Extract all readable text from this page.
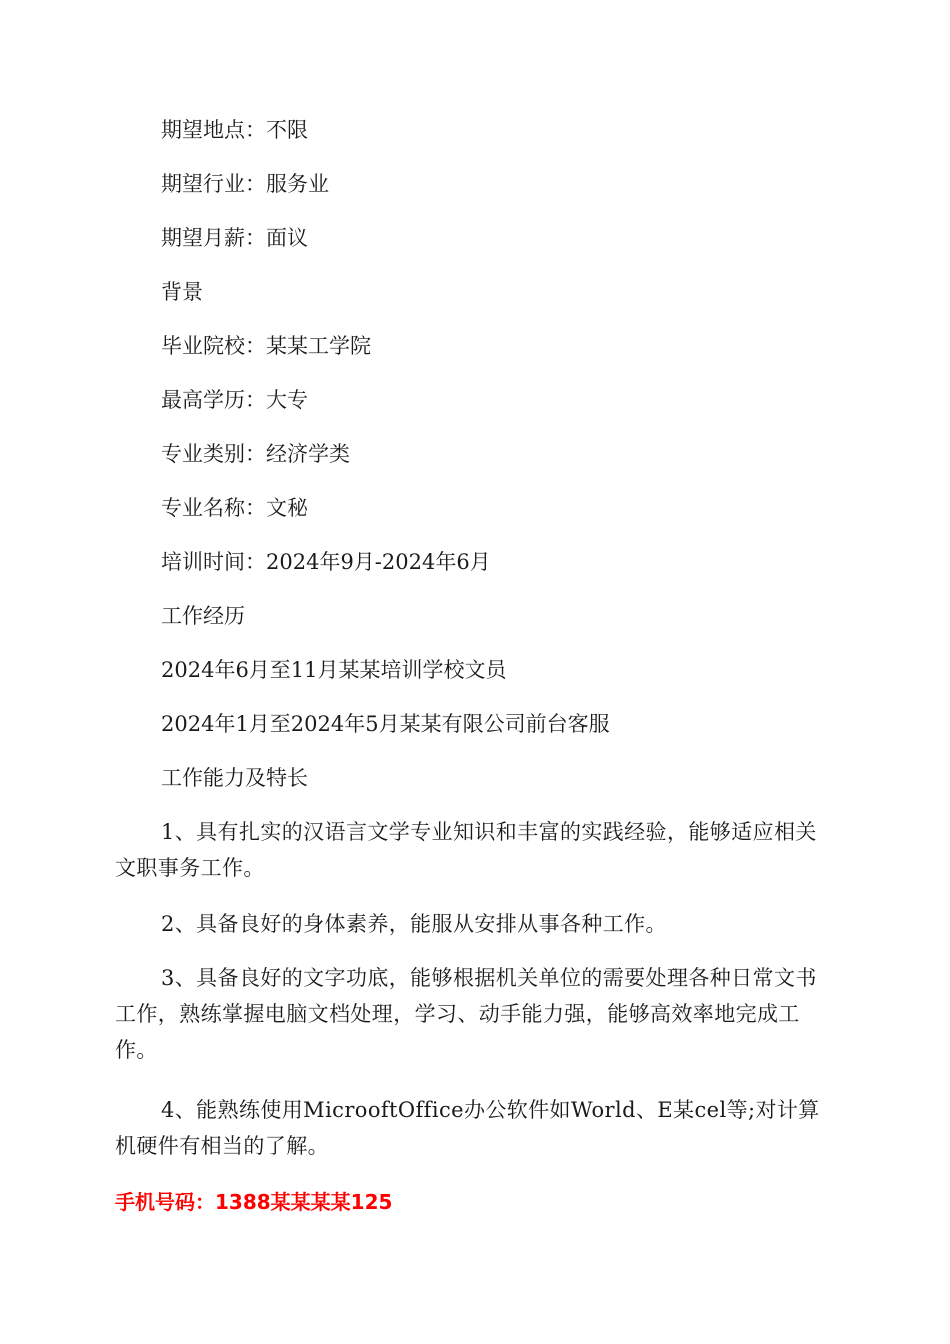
期望地点：不限

期望行业：服务业

期望月薪：面议

背景

毕业院校：某某工学院

最高学历：大专

专业类别：经济学类

专业名称：文秘

培训时间：2024年9月-2024年6月

工作经历

2024年6月至11月某某培训学校文员

2024年1月至2024年5月某某有限公司前台客服

工作能力及特长

1、具有扎实的汉语言文学专业知识和丰富的实践经验，能够适应相关文职事务工作。

2、具备良好的身体素养，能服从安排从事各种工作。

3、具备良好的文字功底，能够根据机关单位的需要处理各种日常文书工作，熟练掌握电脑文档处理，学习、动手能力强，能够高效率地完成工作。

4、能熟练使用MicrooftOffice办公软件如World、E某cel等;对计算机硬件有相当的了解。

手机号码：1388某某某某125
